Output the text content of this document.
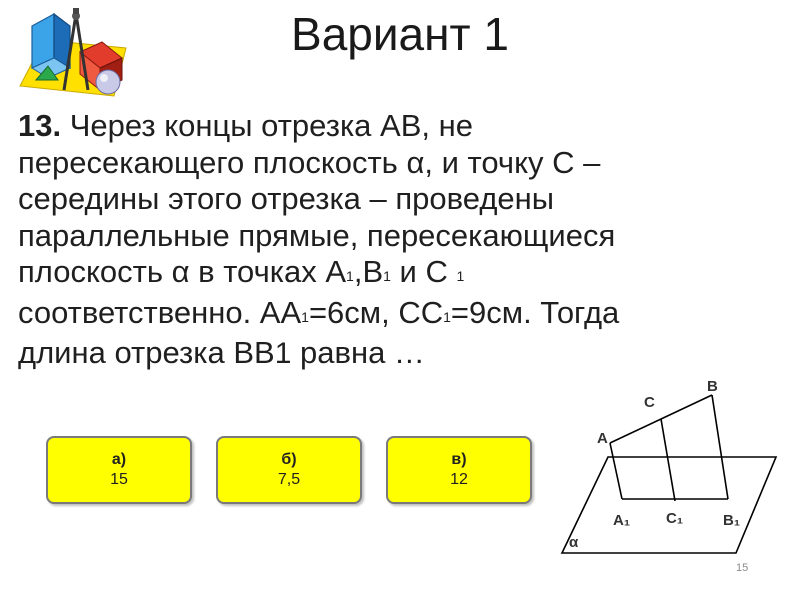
Вариант 1
13. Через концы отрезка АВ, не
пересекающего плоскость α, и точку С –
середины этого отрезка – проведены
параллельные прямые, пересекающиеся
плоскость α в точках $А_1,В_1$ и С $_1$
соответственно. $АА_1=6см$, $СС_1=9см$. Тогда
длина отрезка ВВ1 равна …
а)
15
б)
7,5
в)
12
A
C
B
A₁ C₁	B₁
α
15
